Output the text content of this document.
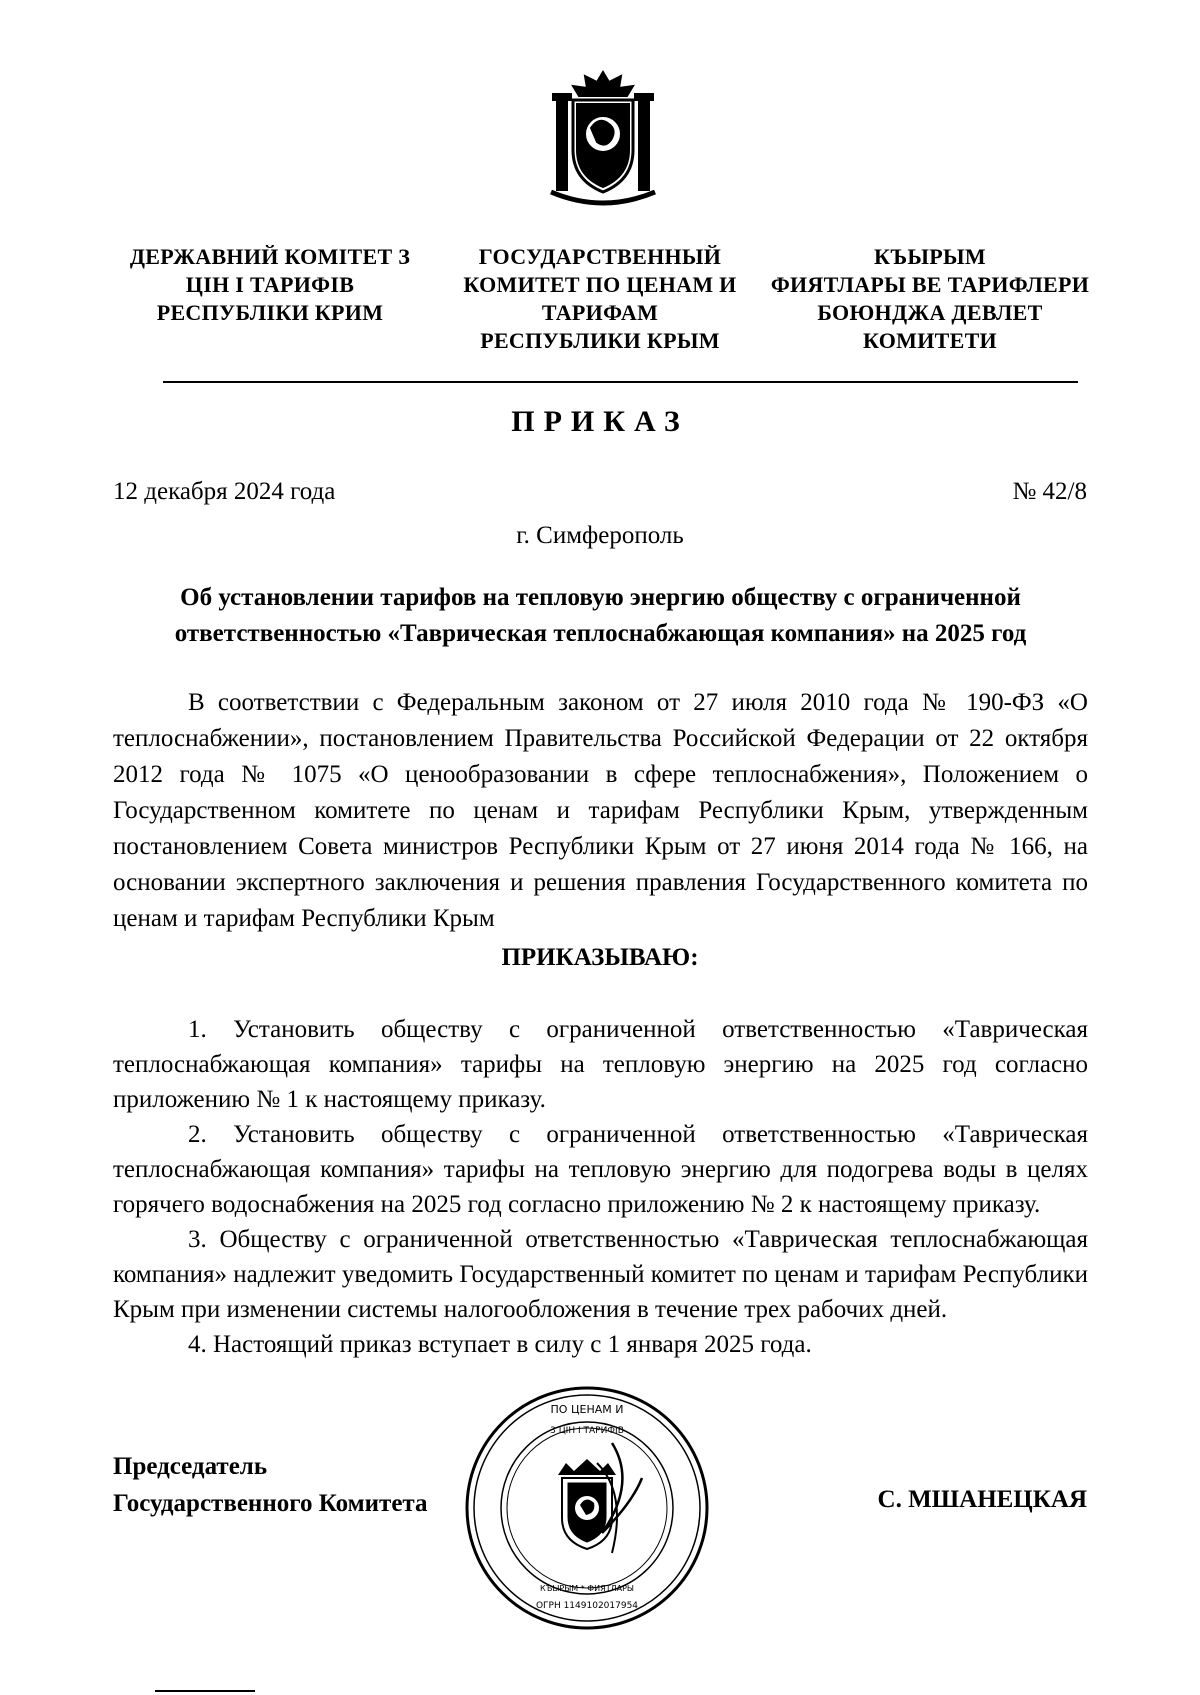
ДЕРЖАВНИЙ КОМІТЕТ З
ЦІН І ТАРИФІВ
РЕСПУБЛІКИ КРИМ
ГОСУДАРСТВЕННЫЙ
КОМИТЕТ ПО ЦЕНАМ И
ТАРИФАМ
РЕСПУБЛИКИ КРЫМ
КЪЫРЫМ
ФИЯТЛАРЫ ВЕ ТАРИФЛЕРИ
БОЮНДЖА ДЕВЛЕТ
КОМИТЕТИ
ПРИКАЗ
12 декабря 2024 года	№ 42/8
г. Симферополь
Об установлении тарифов на тепловую энергию обществу с ограниченной ответственностью «Таврическая теплоснабжающая компания» на 2025 год

В соответствии с Федеральным законом от 27 июля 2010 года № 190-ФЗ «О теплоснабжении», постановлением Правительства Российской Федерации от 22 октября 2012 года № 1075 «О ценообразовании в сфере теплоснабжения», Положением о Государственном комитете по ценам и тарифам Республики Крым, утвержденным постановлением Совета министров Республики Крым от 27 июня 2014 года № 166, на основании экспертного заключения и решения правления Государственного комитета по ценам и тарифам Республики Крым

ПРИКАЗЫВАЮ:

1. Установить обществу с ограниченной ответственностью «Таврическая теплоснабжающая компания» тарифы на тепловую энергию на 2025 год согласно приложению № 1 к настоящему приказу.

2. Установить обществу с ограниченной ответственностью «Таврическая теплоснабжающая компания» тарифы на тепловую энергию для подогрева воды в целях горячего водоснабжения на 2025 год согласно приложению № 2 к настоящему приказу.

3. Обществу с ограниченной ответственностью «Таврическая теплоснабжающая компания» надлежит уведомить Государственный комитет по ценам и тарифам Республики Крым при изменении системы налогообложения в течение трех рабочих дней.

4. Настоящий приказ вступает в силу с 1 января 2025 года.

ПО ЦЕНАМ И
3 ЦІН І ТАРИФІВ
ОГРН 1149102017954
КЪЫРЫМ * ФИЯТЛАРЫ
Председатель
Государственного Комитета	С. МШАНЕЦКАЯ
